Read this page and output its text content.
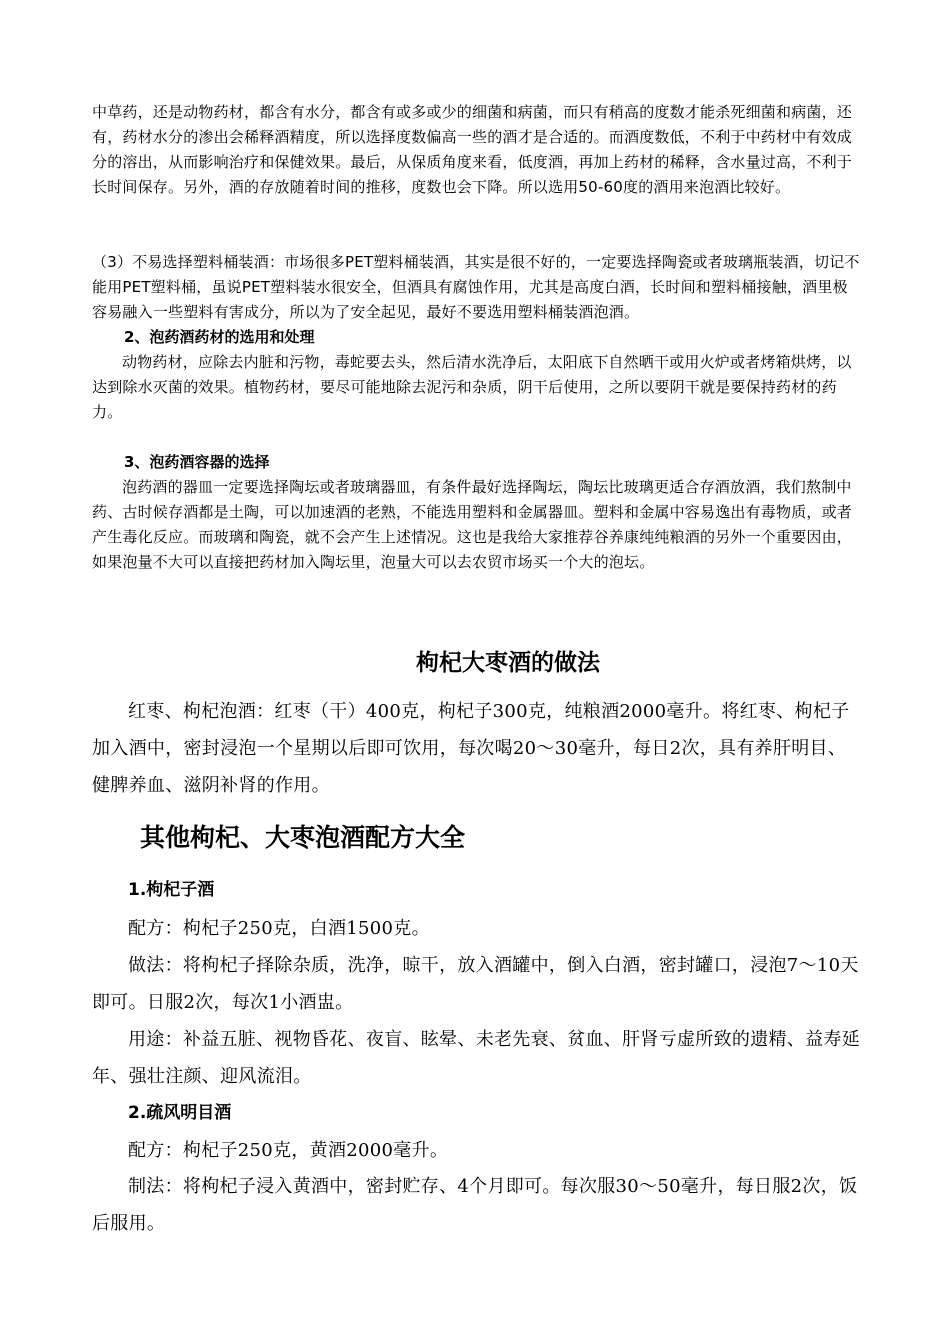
中草药，还是动物药材，都含有水分，都含有或多或少的细菌和病菌，而只有稍高的度数才能杀死细菌和病菌，还有，药材水分的渗出会稀释酒精度，所以选择度数偏高一些的酒才是合适的。而酒度数低，不利于中药材中有效成分的溶出，从而影响治疗和保健效果。最后，从保质角度来看，低度酒，再加上药材的稀释，含水量过高，不利于长时间保存。另外，酒的存放随着时间的推移，度数也会下降。所以选用50-60度的酒用来泡酒比较好。

（3）不易选择塑料桶装酒：市场很多PET塑料桶装酒，其实是很不好的，一定要选择陶瓷或者玻璃瓶装酒，切记不能用PET塑料桶，虽说PET塑料装水很安全，但酒具有腐蚀作用，尤其是高度白酒，长时间和塑料桶接触，酒里极容易融入一些塑料有害成分，所以为了安全起见，最好不要选用塑料桶装酒泡酒。

2、泡药酒药材的选用和处理

动物药材，应除去内脏和污物，毒蛇要去头，然后清水洗净后，太阳底下自然晒干或用火炉或者烤箱烘烤，以达到除水灭菌的效果。植物药材，要尽可能地除去泥污和杂质，阴干后使用，之所以要阴干就是要保持药材的药力。

3、泡药酒容器的选择

泡药酒的器皿一定要选择陶坛或者玻璃器皿，有条件最好选择陶坛，陶坛比玻璃更适合存酒放酒，我们熬制中药、古时候存酒都是土陶，可以加速酒的老熟，不能选用塑料和金属器皿。塑料和金属中容易逸出有毒物质，或者产生毒化反应。而玻璃和陶瓷，就不会产生上述情况。这也是我给大家推荐谷养康纯纯粮酒的另外一个重要因由，如果泡量不大可以直接把药材加入陶坛里，泡量大可以去农贸市场买一个大的泡坛。

枸杞大枣酒的做法

红枣、枸杞泡酒：红枣（干）400克，枸杞子300克，纯粮酒2000毫升。将红枣、枸杞子加入酒中，密封浸泡一个星期以后即可饮用，每次喝20～30毫升，每日2次，具有养肝明目、健脾养血、滋阴补肾的作用。

其他枸杞、大枣泡酒配方大全

1.枸杞子酒

配方：枸杞子250克，白酒1500克。

做法：将枸杞子择除杂质，洗净，晾干，放入酒罐中，倒入白酒，密封罐口，浸泡7～10天即可。日服2次，每次1小酒盅。

用途：补益五脏、视物昏花、夜盲、眩晕、未老先衰、贫血、肝肾亏虚所致的遗精、益寿延年、强壮注颜、迎风流泪。

2.疏风明目酒

配方：枸杞子250克，黄酒2000毫升。

制法：将枸杞子浸入黄酒中，密封贮存、4个月即可。每次服30～50毫升，每日服2次，饭后服用。
